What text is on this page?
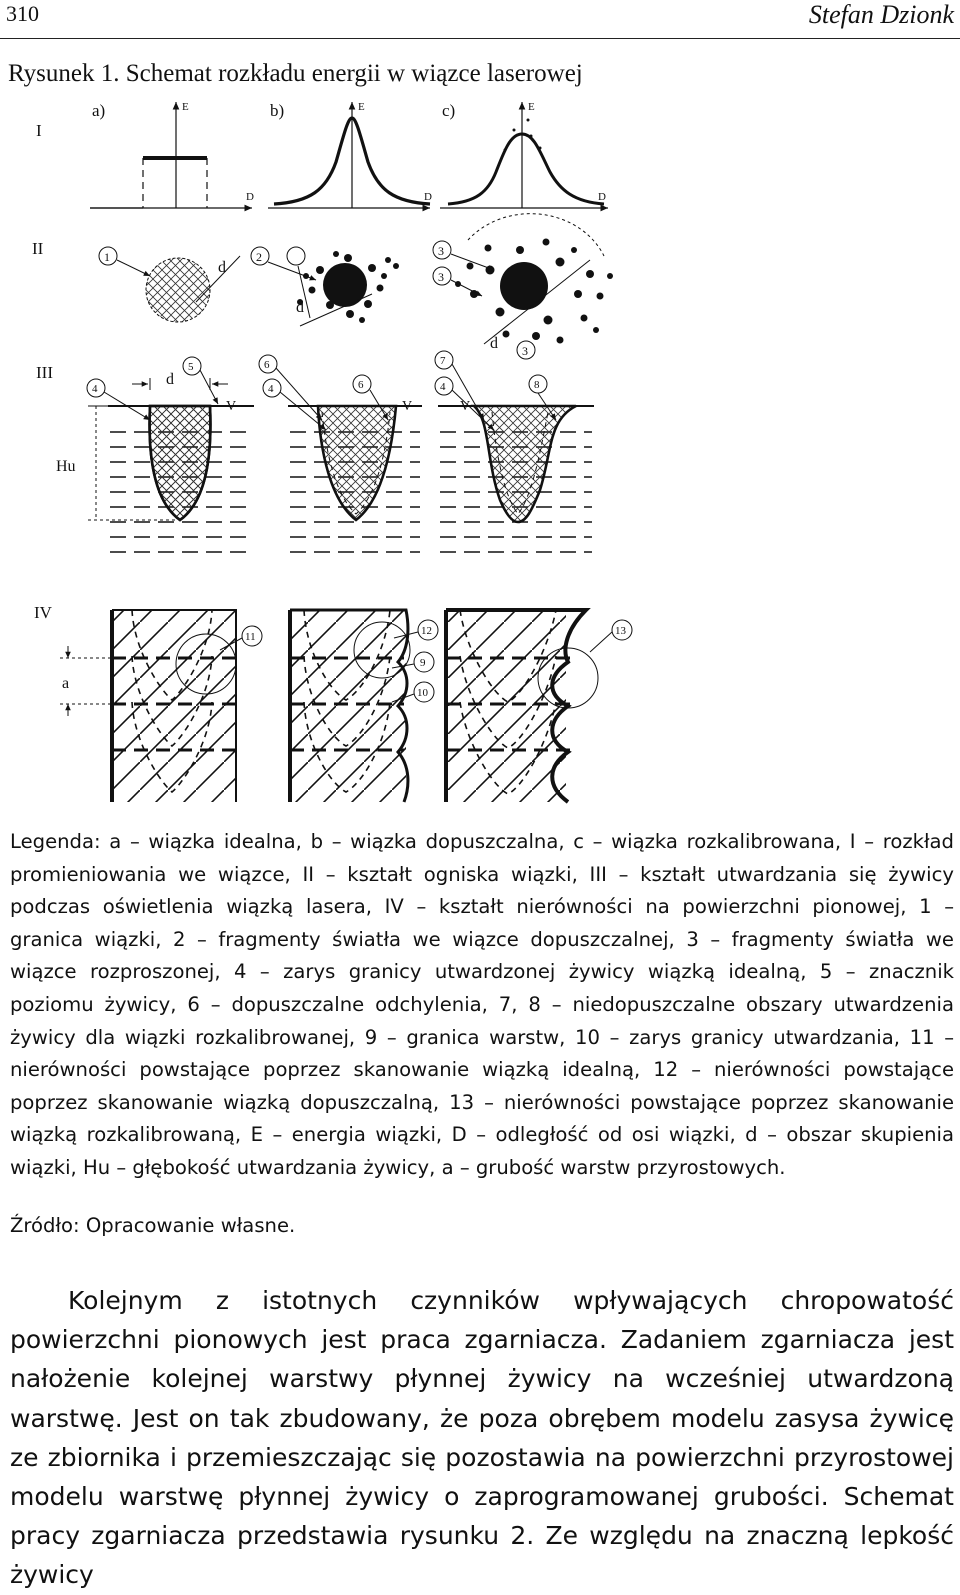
310	Stefan Dzionk
Rysunek 1. Schemat rozkładu energii w wiązce laserowej
I
II
III
IV
a)	b)	c)
E
D
E
D
E
D
1
d
2
d
3
3
3
d
d
Hu
V	V	V
5
4
6
4	6
7
4	8
a
11	12
9
10
13

Legenda: a – wiązka idealna, b – wiązka dopuszczalna, c – wiązka rozkalibrowana, I – rozkład promieniowania we wiązce, II – kształt ogniska wiązki, III – kształt utwardzania się żywicy podczas oświetlenia wiązką lasera, IV – kształt nierówności na powierzchni pionowej, 1 – granica wiązki, 2 – fragmenty światła we wiązce dopuszczalnej, 3 – fragmenty światła we wiązce rozproszonej, 4 – zarys granicy utwardzonej żywicy wiązką idealną, 5 – znacznik poziomu żywicy, 6 – dopuszczalne odchylenia, 7, 8 – niedopuszczalne obszary utwardzenia żywicy dla wiązki rozkalibrowanej, 9 – granica warstw, 10 – zarys granicy utwardzania, 11 – nierówności powstające poprzez skanowanie wiązką idealną, 12 – nierówności powstające poprzez skanowanie wiązką dopuszczalną, 13 – nierówności powstające poprzez skanowanie wiązką rozkalibrowaną, E – energia wiązki, D – odległość od osi wiązki, d – obszar skupienia wiązki, Hu – głębokość utwardzania żywicy, a – grubość warstw przyrostowych.

Źródło: Opracowanie własne.

Kolejnym z istotnych czynników wpływających chropowatość powierzchni pionowych jest praca zgarniacza. Zadaniem zgarniacza jest nałożenie kolejnej warstwy płynnej żywicy na wcześniej utwardzoną warstwę. Jest on tak zbudowany, że poza obrębem modelu zasysa żywicę ze zbiornika i przemieszczając się pozostawia na powierzchni przyrostowej modelu warstwę płynnej żywicy o zaprogramowanej grubości. Schemat pracy zgarniacza przedstawia rysunku 2. Ze względu na znaczną lepkość żywicy
